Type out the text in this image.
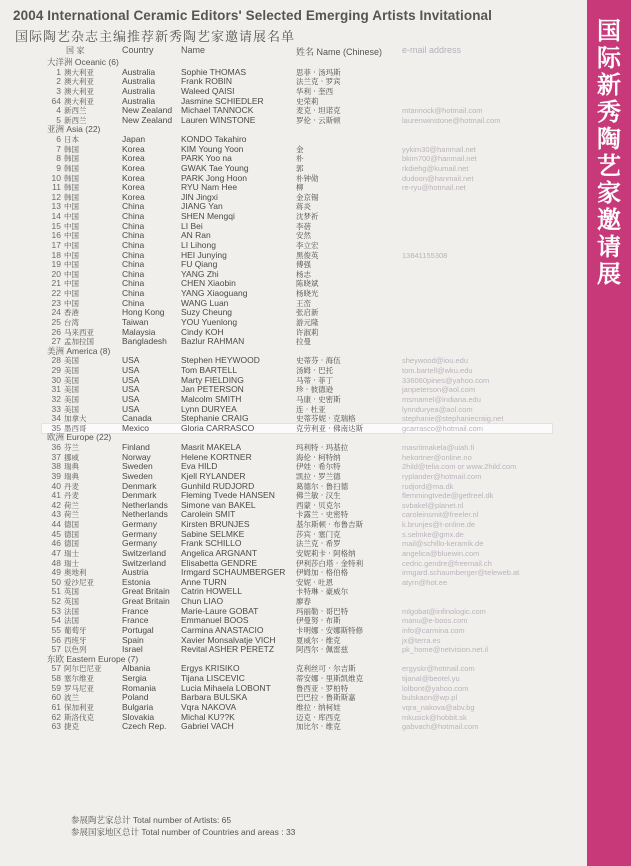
国
际
新
秀
陶
艺
家
邀
请
展
2004 International Ceramic Editors' Selected Emerging Artists Invitational
国际陶艺杂志主编推荐新秀陶艺家邀请展名单
国 家	Country	Name	姓名 Name (Chinese) e-mail address
大洋洲 Oceanic (6)
1 澳大利亚	Australia	Sophie THOMAS	思菲 · 汤玛斯
2 澳大利亚	Australia	Frank ROBIN	法兰克 · 罗宾
3 澳大利亚	Australia	Waleed QAISI	华利 · 奎西
64 澳大利亚	Australia	Jasmine SCHIEDLER	史荣莉
4 新西兰	New Zealand Michael TANNOCK	麦克 · 坦诺克	mtannock@hotmail.com
5 新西兰	New Zealand Lauren WINSTONE	罗伦 · 云斯顿	laurenwinstone@hotmail.com
亚洲 Asia (22)
6 日本	Japan	KONDO Takahiro
7 韩国	Korea	KIM Young Yoon	金	yykim30@hanmail.net
8 韩国	Korea	PARK Yoo na	朴	bkim700@hanmail.net
9 韩国	Korea	GWAK Tae Young	郭	rkdiehg@kumail.net
10 韩国	Korea	PARK Jong Hoon	朴钟勋	dudoon@hanmail.net
11 韩国	Korea	RYU Nam Hee	柳	re-ryu@hotmail.net
12 韩国	Korea	JIN Jingxi	金京锡
13 中国	China	JIANG Yan	蒋炎
14 中国	China	SHEN Mengqi	沈梦祈
15 中国	China	LI Bei	李蓓
16 中国	China	AN Ran	安然
17 中国	China	LI Lihong	李立宏
18 中国	China	HEI Junying	黑俊英	13841155308
19 中国	China	FU Qiang	傅强
20 中国	China	YANG Zhi	杨志
21 中国	China	CHEN Xiaobin	陈晓斌
22 中国	China	YANG Xiaoguang	杨晓光
23 中国	China	WANG Luan	王峦
24 香港	Hong Kong Suzy Cheung	张启新
25 台湾	Taiwan	YOU Yuenlong	游元隆
26 马来西亚	Malaysia	Cindy KOH	许淑莉
27 孟加拉国	Bangladesh Bazlur RAHMAN	拉曼
美洲 America (8)
28 美国	USA	Stephen HEYWOOD	史蒂芬 · 海伍	sheywood@iou.edu
29 美国	USA	Tom BARTELL	汤姆 · 巴托	tom.bartell@wku.edu
30 美国	USA	Marty FIELDING	马蒂 · 菲丁	336060pines@yahoo.com
31 美国	USA	Jan PETERSON	珍 · 彼德逊	janpeterson@aol.com
32 美国	USA	Malcolm SMITH	马康 · 史密斯	msmamel@indiana.edu
33 美国	USA	Lynn DURYEA	连 · 杜亚	lynnduryea@aol.com
34 加拿大	Canada	Stephanie CRAIG	史蒂芬妮 · 克瑞格	stephanie@stephaniecraig.net
35 墨西哥	Mexico	Gloria CARRASCO	克劳利亚 · 佛南达斯	gcarrasco@hotmail.com
欧洲 Europe (22)
36 芬兰	Finland	Masrit MAKELA	玛利特 · 玛基拉	masritmakela@uiah.fi
37 挪威	Norway	Helene KORTNER	海伦 · 柯特纳	hekortner@online.no
38 瑞典	Sweden	Eva HILD	伊娃 · 希尔特	2hild@telia.com or www.2hild.com
39 瑞典	Sweden	Kjell RYLANDER	凯拉 · 罗兰德	ryplander@hotmail.com
40 丹麦	Denmark	Gunhild RUDJORD	葛德尔 · 鲁扫德	rudjord@ma.dk
41 丹麦	Denmark	Fleming Tvede HANSEN	佛兰敏 · 汉生	flemmingtvede@getfreel.dk
42 荷兰	Netherlands Simone van BAKEL	西蒙 · 贝克尔	svbakel@planet.nl
43 荷兰	Netherlands Carolein SMIT	卡露兰 · 史密特	caroleinsmit@freeler.nl
44 德国	Germany	Kirsten BRUNJES	基尔斯顿 · 布鲁吉斯	k.brunjes@t-online.de
45 德国	Germany	Sabine SELMKE	莎宾 · 塞门克	s.selmke@gmx.de
46 德国	Germany	Frank SCHILLO	法兰克 · 希罗	mail@schillo-keramik.de
47 瑞士	Switzerland Angelica ARGNANT	安妮莉卡 · 阿格纳	angelica@bluewin.com
48 瑞士	Switzerland Elisabetta GENDRE	伊利莎白塔 · 金特利	cedric.gendre@freemail.ch
49 奥地利	Austria	Irmgard SCHAUMBERGER 伊姆加 · 格伯格	irmgard.schaumberger@teleweb.at
50 爱沙尼亚	Estonia	Anne TURN	安妮 · 吐恩	atyrn@hot.ee
51 英国	Great Britain Catrin HOWELL	卡特琳 · 豪威尔
52 英国	Great Britain Chun LIAO	廖春
53 法国	France	Marie-Laure GOBAT	玛丽勒 · 哥巴特	mlgobat@infinologic.com
54 法国	France	Emmanuel BOOS	伊曼努 · 布斯	manu@e-boos.com
55 葡萄牙	Portugal	Carmina ANASTACIO	卡明娜 · 安娜斯特修	info@carmina.com
56 西班牙	Spain	Xavier Monsalvatje VICH	夏威尔 · 维克	jx@terra.es
57 以色列	Israel	Revital ASHER PERETZ	阿西尔 · 佩雷兹	pk_home@netvision.net.il
东欧 Eastern Europe (7)
57 阿尔巴尼亚 Albania	Ergys KRISIKO	克利丝可 · 尔吉斯	ergyskr@hotmail.com
58 塞尔维亚	Sergia	Tijana LISCEVIC	蒂安娜 · 里斯凯维克	tijanal@beotel.yu
59 罗马尼亚	Romania	Lucia Mihaela LOBONT	鲁西亚 · 罗柏特	lolbont@yahoo.com
60 波兰	Poland	Barbara BULSKA	巴巴拉 · 鲁斯斯嘉	bulskaon@wp.pl
61 保加利亚	Bulgaria	Vqra NAKOVA	维拉 · 纳柯娃	vqra_nakova@abv.bg
62 斯洛伐克	Slovakia	Michal KU??K	迈克 · 库西克	mkusick@hobbit.sk
63 捷克	Czech Rep. Gabriel VACH	加比尔 · 维克	gabvach@hotmail.com
参展陶艺家总计 Total number of Artists: 65
参展国家地区总计 Total number of Countries and areas : 33
